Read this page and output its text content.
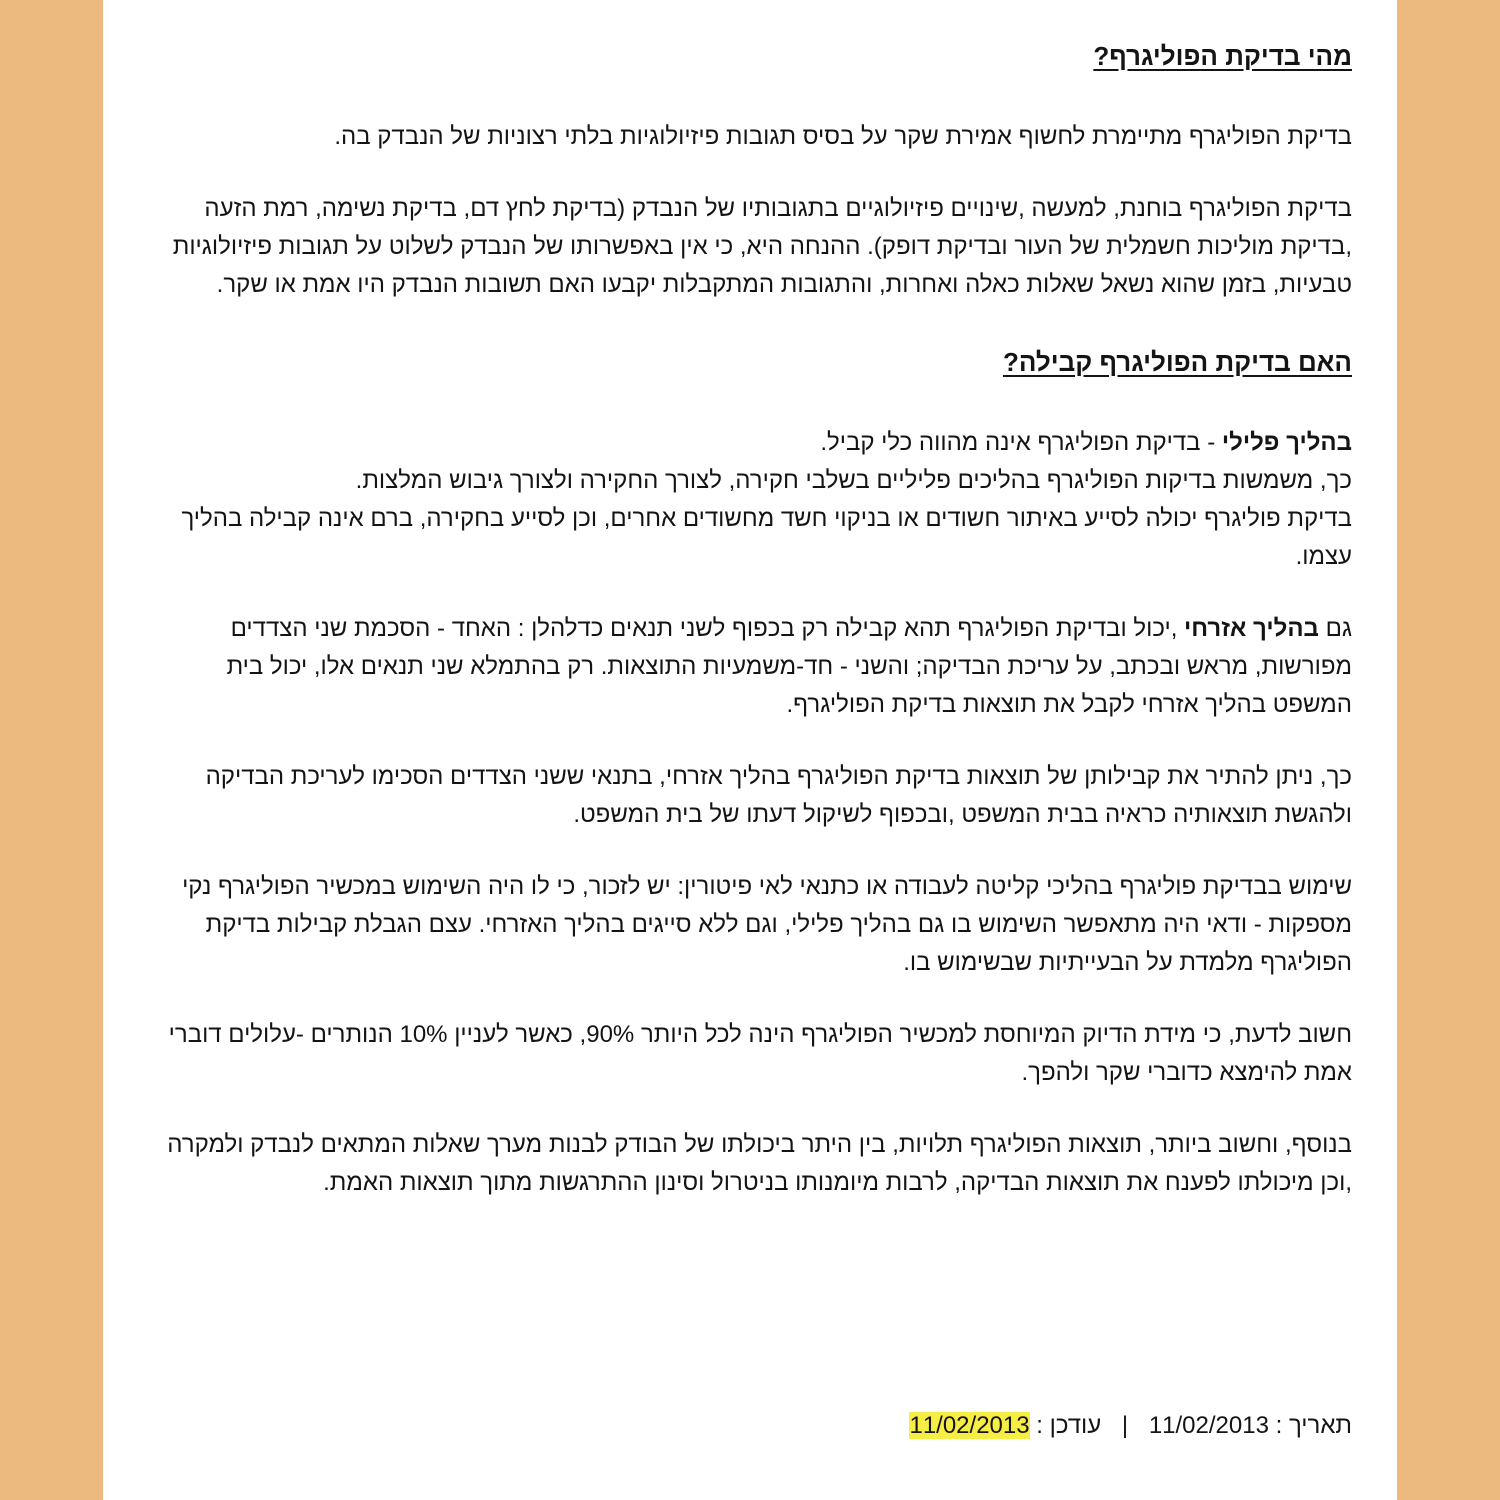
מהי בדיקת הפוליגרף?

בדיקת הפוליגרף מתיימרת לחשוף אמירת שקר על בסיס תגובות פיזיולוגיות בלתי רצוניות של הנבדק בה.

בדיקת הפוליגרף בוחנת, למעשה ,שינויים פיזיולוגיים בתגובותיו של הנבדק (בדיקת לחץ דם, בדיקת נשימה, רמת הזעה ,בדיקת מוליכות חשמלית של העור ובדיקת דופק). ההנחה היא, כי אין באפשרותו של הנבדק לשלוט על תגובות פיזיולוגיות טבעיות, בזמן שהוא נשאל שאלות כאלה ואחרות, והתגובות המתקבלות יקבעו האם תשובות הנבדק היו אמת או שקר.

האם בדיקת הפוליגרף קבילה?

בהליך פלילי - בדיקת הפוליגרף אינה מהווה כלי קביל.

כך, משמשות בדיקות הפוליגרף בהליכים פליליים בשלבי חקירה, לצורך החקירה ולצורך גיבוש המלצות.

בדיקת פוליגרף יכולה לסייע באיתור חשודים או בניקוי חשד מחשודים אחרים, וכן לסייע בחקירה, ברם אינה קבילה בהליך עצמו.

גם בהליך אזרחי ,יכול ובדיקת הפוליגרף תהא קבילה רק בכפוף לשני תנאים כדלהלן : האחד - הסכמת שני הצדדים מפורשות, מראש ובכתב, על עריכת הבדיקה; והשני - חד-משמעיות התוצאות. רק בהתמלא שני תנאים אלו, יכול בית המשפט בהליך אזרחי לקבל את תוצאות בדיקת הפוליגרף.

כך, ניתן להתיר את קבילותן של תוצאות בדיקת הפוליגרף בהליך אזרחי, בתנאי ששני הצדדים הסכימו לעריכת הבדיקה ולהגשת תוצאותיה כראיה בבית המשפט ,ובכפוף לשיקול דעתו של בית המשפט.

שימוש בבדיקת פוליגרף בהליכי קליטה לעבודה או כתנאי לאי פיטורין: יש לזכור, כי לו היה השימוש במכשיר הפוליגרף נקי מספקות - ודאי היה מתאפשר השימוש בו גם בהליך פלילי, וגם ללא סייגים בהליך האזרחי. עצם הגבלת קבילות בדיקת הפוליגרף מלמדת על הבעייתיות שבשימוש בו.

חשוב לדעת, כי מידת הדיוק המיוחסת למכשיר הפוליגרף הינה לכל היותר 90%, כאשר לעניין 10% הנותרים -עלולים דוברי אמת להימצא כדוברי שקר ולהפך.

בנוסף, וחשוב ביותר, תוצאות הפוליגרף תלויות, בין היתר ביכולתו של הבודק לבנות מערך שאלות המתאים לנבדק ולמקרה ,וכן מיכולתו לפענח את תוצאות הבדיקה, לרבות מיומנותו בניטרול וסינון ההתרגשות מתוך תוצאות האמת.

תאריך : 11/02/2013 | עודכן : 11/02/2013
